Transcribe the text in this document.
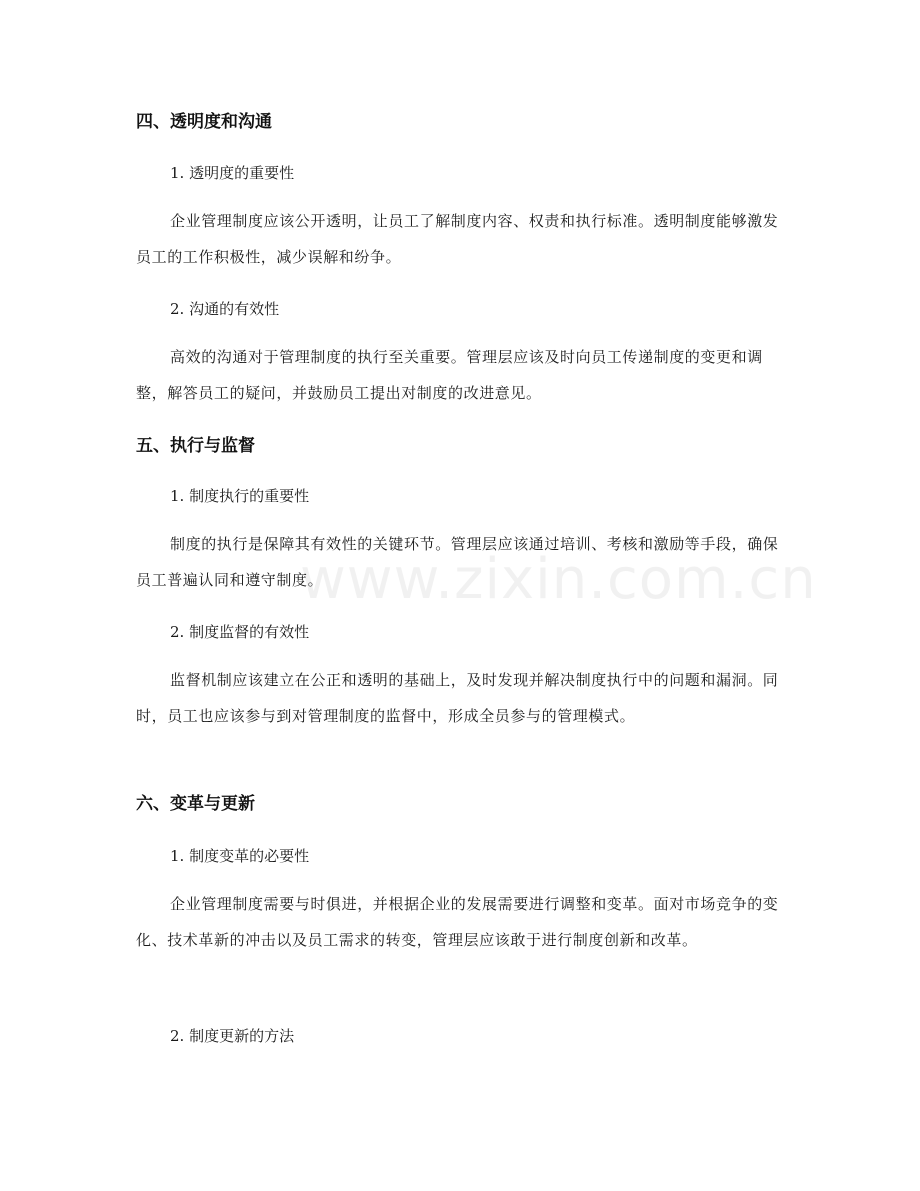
四、透明度和沟通

1. 透明度的重要性

企业管理制度应该公开透明，让员工了解制度内容、权责和执行标准。透明制度能够激发员工的工作积极性，减少误解和纷争。

2. 沟通的有效性

高效的沟通对于管理制度的执行至关重要。管理层应该及时向员工传递制度的变更和调整，解答员工的疑问，并鼓励员工提出对制度的改进意见。

五、执行与监督

1. 制度执行的重要性

制度的执行是保障其有效性的关键环节。管理层应该通过培训、考核和激励等手段，确保员工普遍认同和遵守制度。

2. 制度监督的有效性

监督机制应该建立在公正和透明的基础上，及时发现并解决制度执行中的问题和漏洞。同时，员工也应该参与到对管理制度的监督中，形成全员参与的管理模式。

六、变革与更新

1. 制度变革的必要性

企业管理制度需要与时俱进，并根据企业的发展需要进行调整和变革。面对市场竞争的变化、技术革新的冲击以及员工需求的转变，管理层应该敢于进行制度创新和改革。

2. 制度更新的方法

www.zixin.com.cn
